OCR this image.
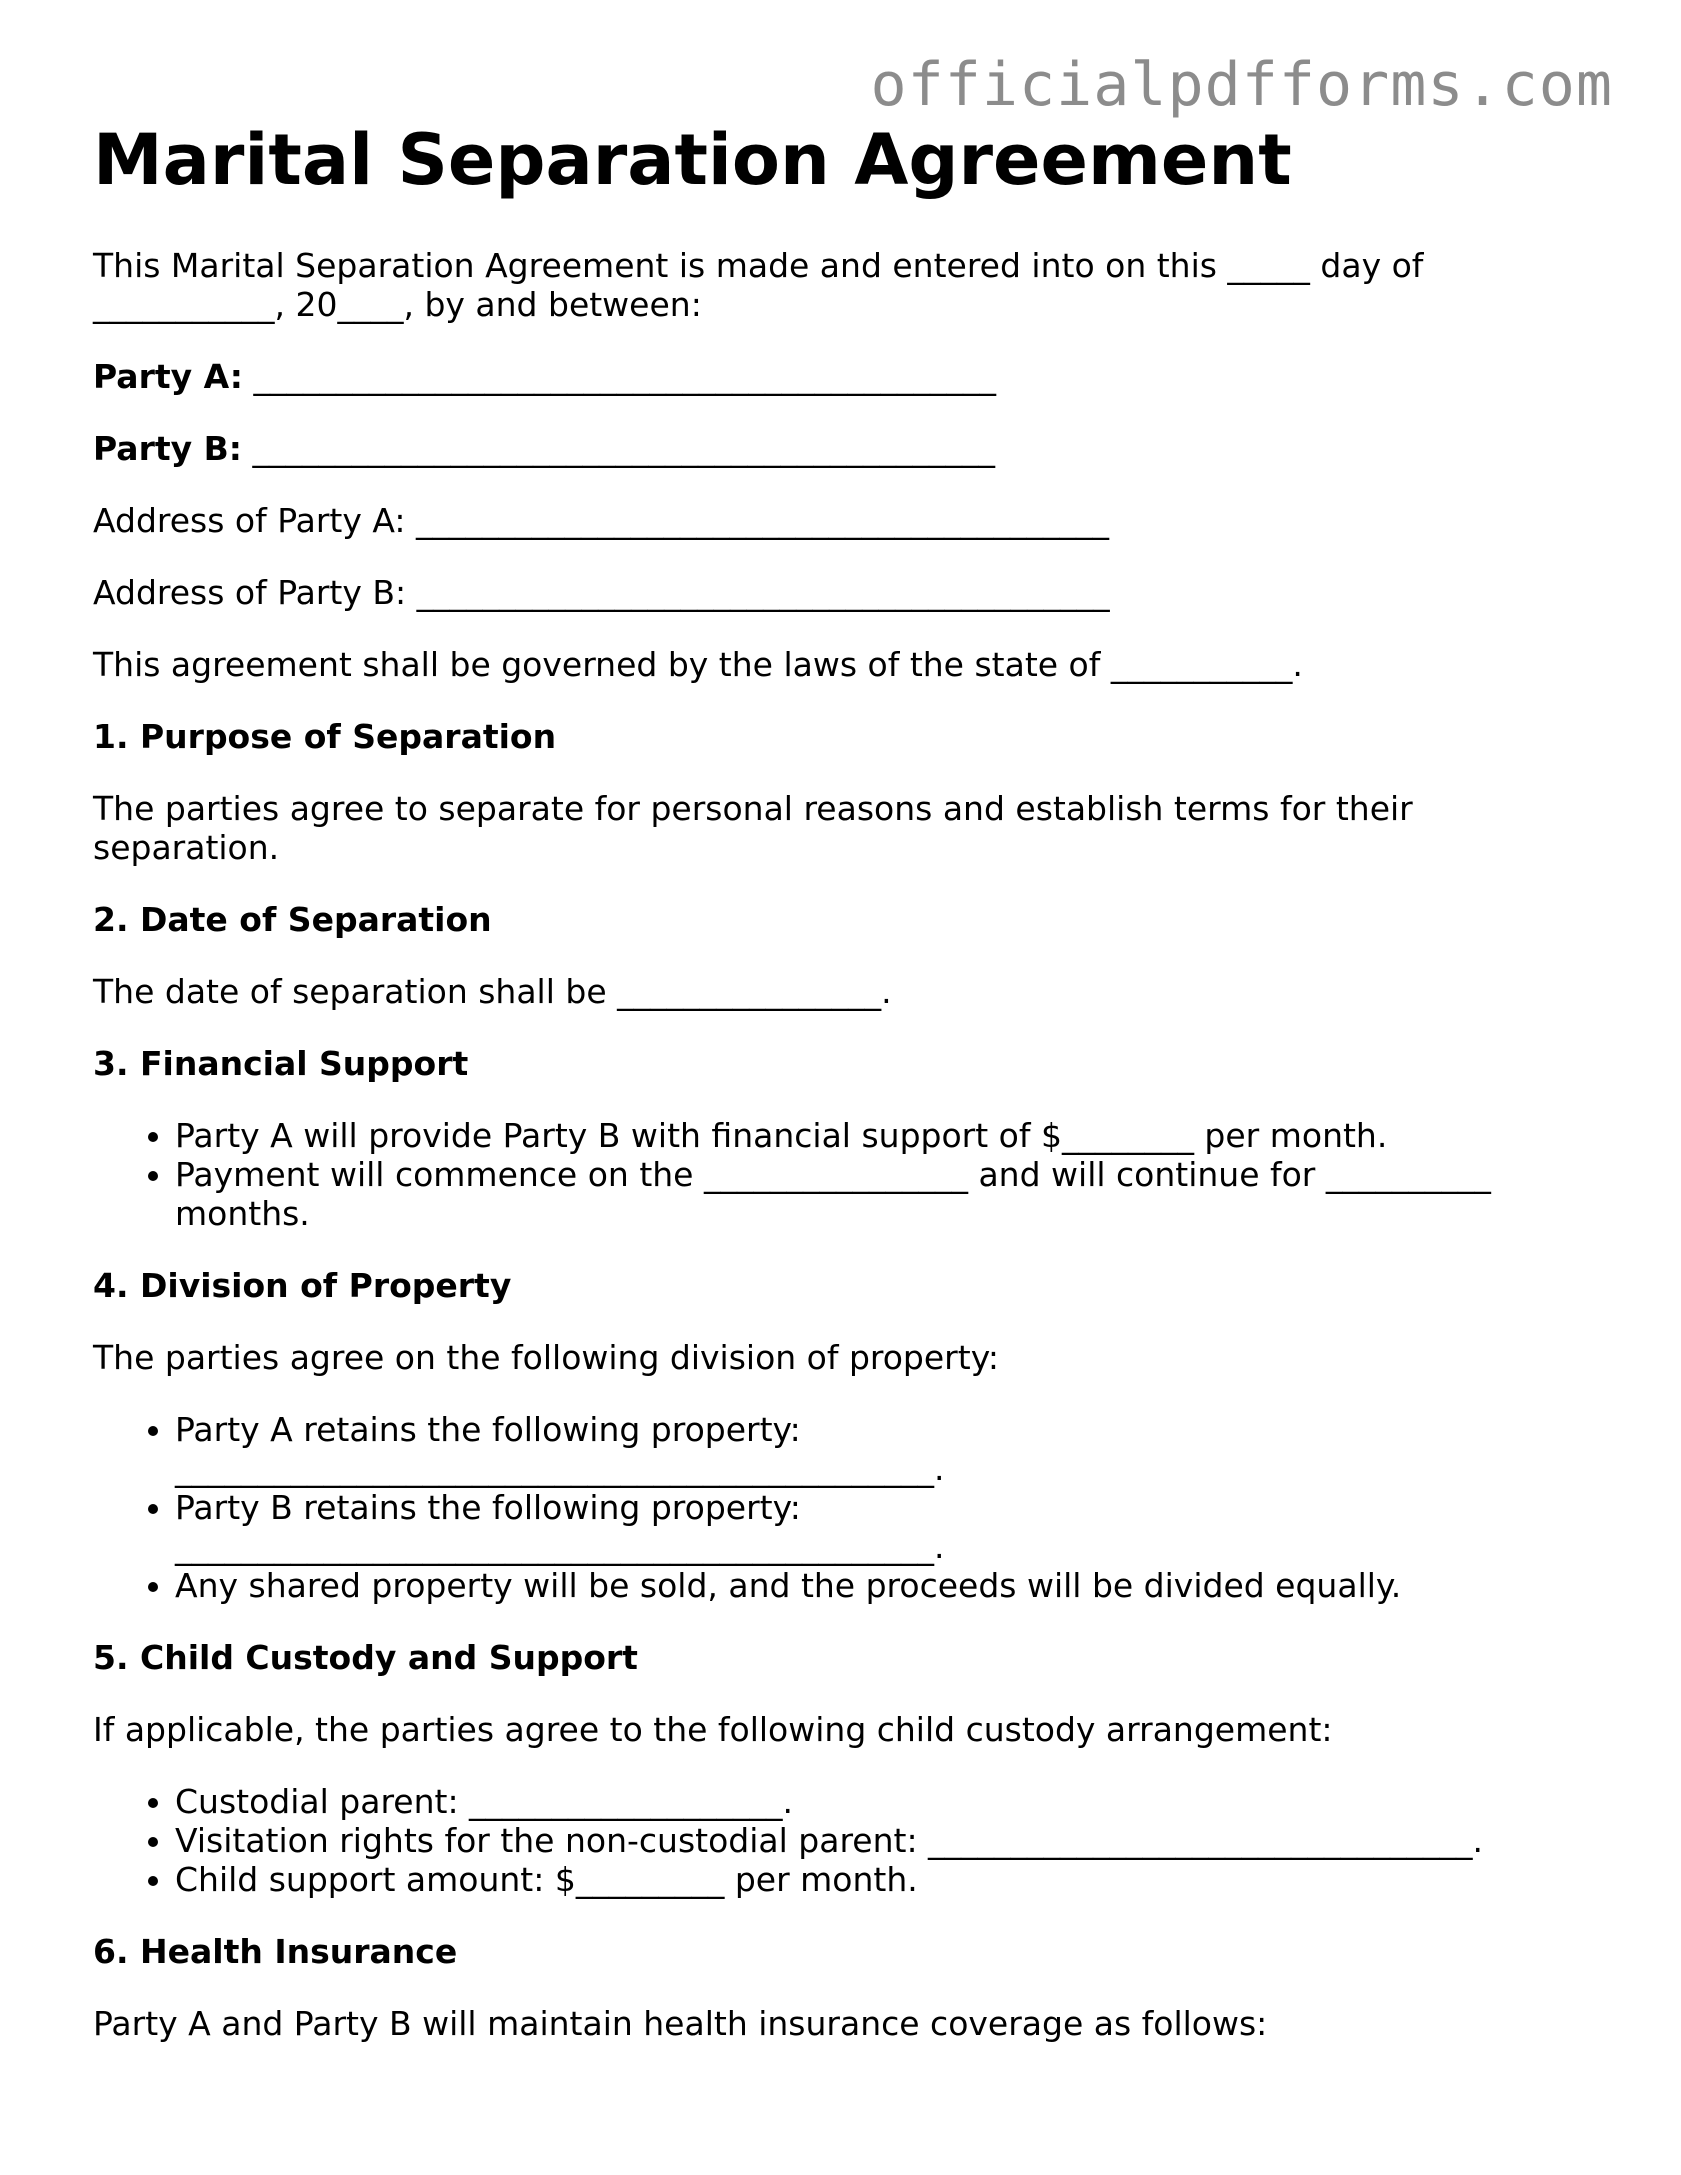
officialpdfforms.com
Marital Separation Agreement

This Marital Separation Agreement is made and entered into on this _____ day of ___________, 20____, by and between:

Party A: _____________________________________________

Party B: _____________________________________________

Address of Party A: __________________________________________

Address of Party B: __________________________________________

This agreement shall be governed by the laws of the state of ___________.

1. Purpose of Separation

The parties agree to separate for personal reasons and establish terms for their separation.

2. Date of Separation

The date of separation shall be ________________.

3. Financial Support
• Party A will provide Party B with financial support of $________ per month.
• Payment will commence on the ________________ and will continue for __________ months.
4. Division of Property

The parties agree on the following division of property:

• Party A retains the following property: ______________________________________________.
• Party B retains the following property: ______________________________________________.
• Any shared property will be sold, and the proceeds will be divided equally.
5. Child Custody and Support

If applicable, the parties agree to the following child custody arrangement:

• Custodial parent: ___________________.
• Visitation rights for the non-custodial parent: _________________________________.
• Child support amount: $_________ per month.
6. Health Insurance

Party A and Party B will maintain health insurance coverage as follows:
